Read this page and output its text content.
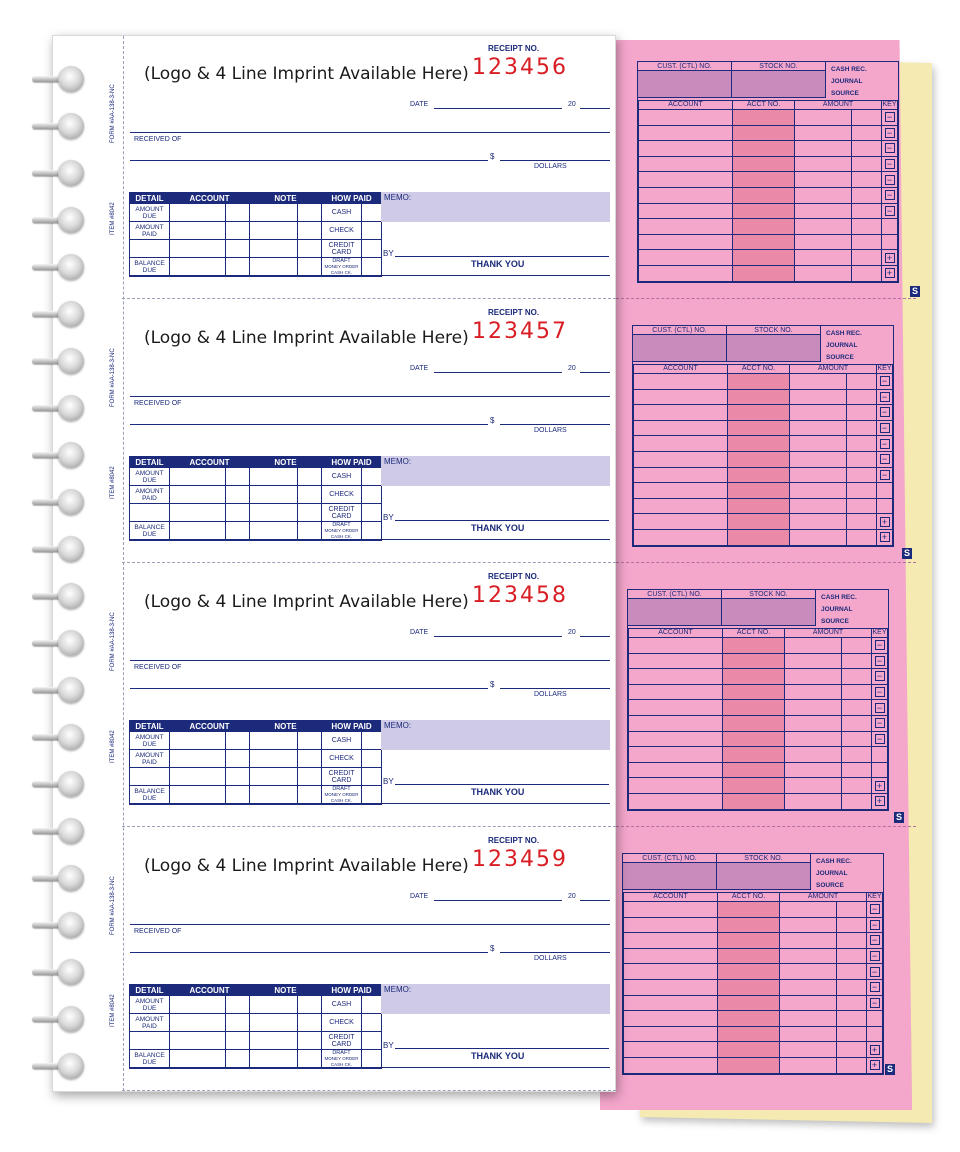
CUST. (CTL) NO.	STOCK NO.	CASH REC.
JOURNAL
SOURCE
ACCOUNT	ACCT NO.	AMOUNT		KEY
				−
				−
				−
				−
				−
				−
				−

				+
				+
CUST. (CTL) NO.	STOCK NO.	CASH REC.
JOURNAL
SOURCE
ACCOUNT	ACCT NO.	AMOUNT		KEY
				−
				−
				−
				−
				−
				−
				−

				+
				+
CUST. (CTL) NO.	STOCK NO.	CASH REC.
JOURNAL
SOURCE
ACCOUNT	ACCT NO.	AMOUNT		KEY
				−
				−
				−
				−
				−
				−
				−

				+
				+
CUST. (CTL) NO.	STOCK NO.	CASH REC.
JOURNAL
SOURCE
ACCOUNT	ACCT NO.	AMOUNT		KEY
				−
				−
				−
				−
				−
				−
				−

				+
				+
S
S
S
S
FORM #AA-138-3-NC
ITEM #8042
(Logo & 4 Line Imprint Available Here)
RECEIPT NO.
123456
DATE	20
RECEIVED OF
$
DOLLARS
DETAIL	ACCOUNT		NOTE		HOW PAID	
AMOUNT DUE					CASH	
AMOUNT PAID					CHECK	
					CREDIT CARD	
BALANCE DUE					DRAFT
MONEY ORDER CASH CK.	
MEMO:
BY
THANK YOU
FORM #AA-138-3-NC
ITEM #8042
(Logo & 4 Line Imprint Available Here)
RECEIPT NO.
123457
DATE	20
RECEIVED OF
$
DOLLARS
DETAIL	ACCOUNT		NOTE		HOW PAID	
AMOUNT DUE					CASH	
AMOUNT PAID					CHECK	
					CREDIT CARD	
BALANCE DUE					DRAFT
MONEY ORDER CASH CK.	
MEMO:
BY
THANK YOU
FORM #AA-138-3-NC
ITEM #8042
(Logo & 4 Line Imprint Available Here)
RECEIPT NO.
123458
DATE	20
RECEIVED OF
$
DOLLARS
DETAIL	ACCOUNT		NOTE		HOW PAID	
AMOUNT DUE					CASH	
AMOUNT PAID					CHECK	
					CREDIT CARD	
BALANCE DUE					DRAFT
MONEY ORDER CASH CK.	
MEMO:
BY
THANK YOU
FORM #AA-138-3-NC
ITEM #8042
(Logo & 4 Line Imprint Available Here)
RECEIPT NO.
123459
DATE	20
RECEIVED OF
$
DOLLARS
DETAIL	ACCOUNT		NOTE		HOW PAID	
AMOUNT DUE					CASH	
AMOUNT PAID					CHECK	
					CREDIT CARD	
BALANCE DUE					DRAFT
MONEY ORDER CASH CK.	
MEMO:
BY
THANK YOU
